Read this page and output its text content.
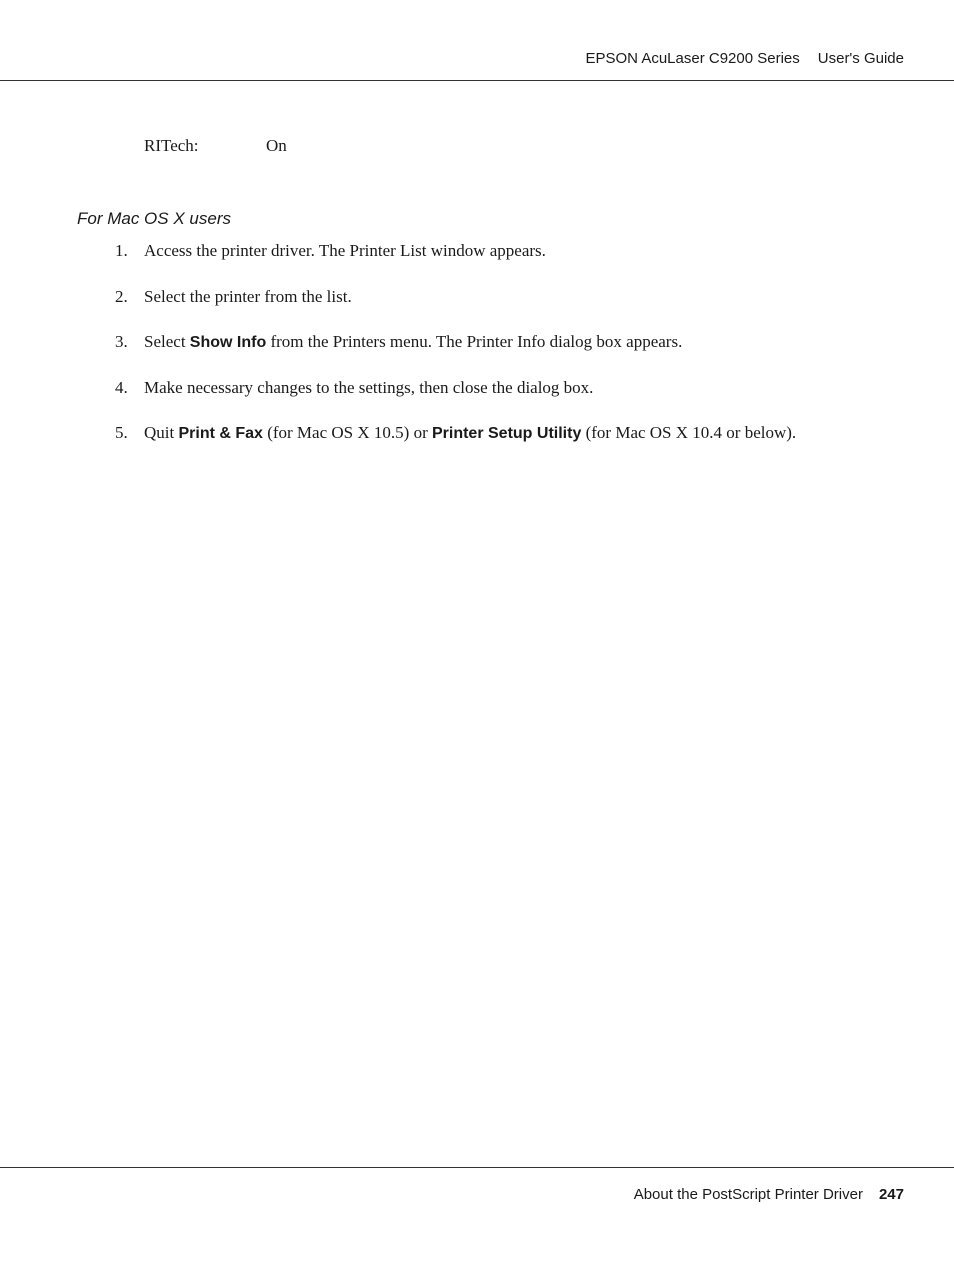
EPSON AcuLaser C9200 Series User's Guide
RITech:	On
For Mac OS X users
1. Access the printer driver. The Printer List window appears.
2. Select the printer from the list.
3. Select Show Info from the Printers menu. The Printer Info dialog box appears.
4. Make necessary changes to the settings, then close the dialog box.
5. Quit Print & Fax (for Mac OS X 10.5) or Printer Setup Utility (for Mac OS X 10.4 or below).
About the PostScript Printer Driver 247
